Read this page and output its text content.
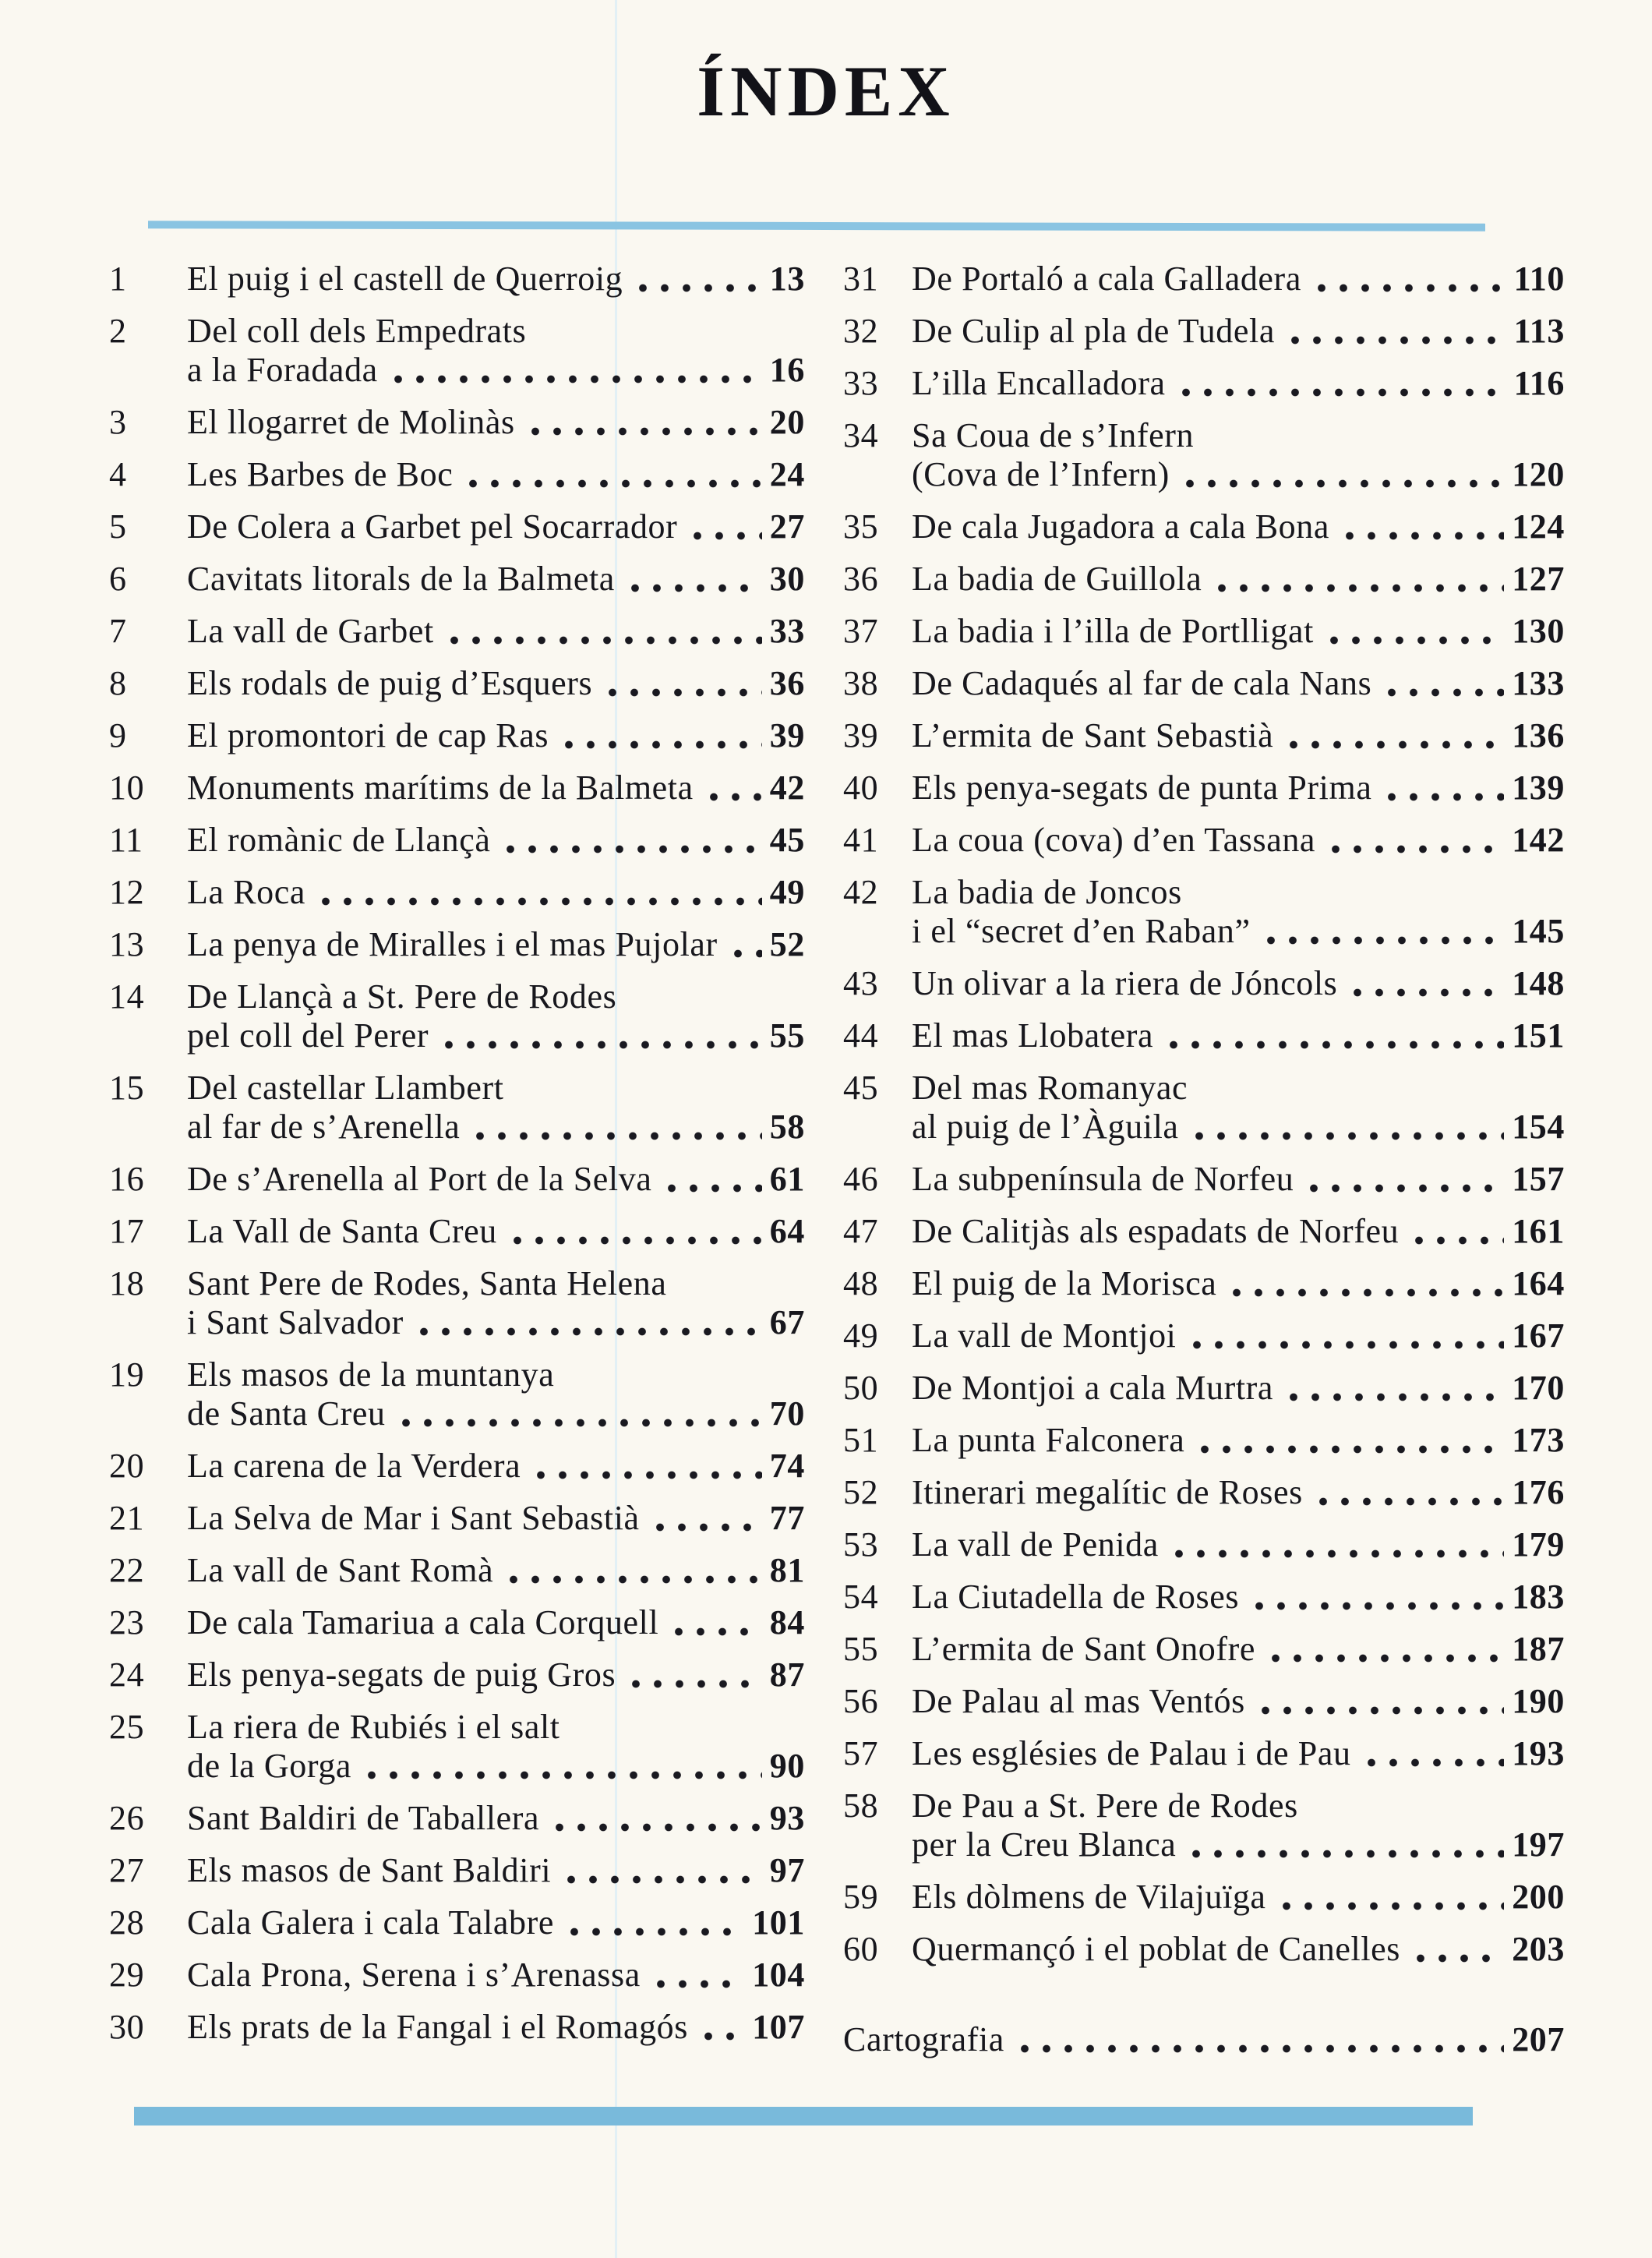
ÍNDEX
1	El puig i el castell de Querroig	13
2	Del coll dels Empedrats
a la Foradada	16
3	El llogarret de Molinàs	20
4	Les Barbes de Boc	24
5	De Colera a Garbet pel Socarrador	27
6	Cavitats litorals de la Balmeta	30
7	La vall de Garbet	33
8	Els rodals de puig d’Esquers	36
9	El promontori de cap Ras	39
10	Monuments marítims de la Balmeta 42
11	El romànic de Llançà	45
12	La Roca	49
13	La penya de Miralles i el mas Pujolar 52
14	De Llançà a St. Pere de Rodes
pel coll del Perer	55
15	Del castellar Llambert
al far de s’Arenella	58
16	De s’Arenella al Port de la Selva	61
17	La Vall de Santa Creu	64
18	Sant Pere de Rodes, Santa Helena
i Sant Salvador	67
19	Els masos de la muntanya
de Santa Creu	70
20	La carena de la Verdera	74
21	La Selva de Mar i Sant Sebastià	77
22	La vall de Sant Romà	81
23	De cala Tamariua a cala Corquell	84
24	Els penya-segats de puig Gros	87
25	La riera de Rubiés i el salt
de la Gorga	90
26	Sant Baldiri de Taballera	93
27	Els masos de Sant Baldiri	97
28	Cala Galera i cala Talabre	101
29	Cala Prona, Serena i s’Arenassa	104
30	Els prats de la Fangal i el Romagós 107
31 De Portaló a cala Galladera	110
32 De Culip al pla de Tudela	113
33 L’illa Encalladora	116
34 Sa Coua de s’Infern
(Cova de l’Infern)	120
35 De cala Jugadora a cala Bona	124
36 La badia de Guillola	127
37 La badia i l’illa de Portlligat	130
38 De Cadaqués al far de cala Nans	133
39 L’ermita de Sant Sebastià	136
40 Els penya-segats de punta Prima	139
41 La coua (cova) d’en Tassana	142
42 La badia de Joncos
i el “secret d’en Raban”	145
43 Un olivar a la riera de Jóncols	148
44 El mas Llobatera	151
45 Del mas Romanyac
al puig de l’Àguila	154
46 La subpenínsula de Norfeu	157
47 De Calitjàs als espadats de Norfeu	161
48 El puig de la Morisca	164
49 La vall de Montjoi	167
50 De Montjoi a cala Murtra	170
51 La punta Falconera	173
52 Itinerari megalític de Roses	176
53 La vall de Penida	179
54 La Ciutadella de Roses	183
55 L’ermita de Sant Onofre	187
56 De Palau al mas Ventós	190
57 Les esglésies de Palau i de Pau	193
58 De Pau a St. Pere de Rodes
per la Creu Blanca	197
59 Els dòlmens de Vilajuïga	200
60 Quermançó i el poblat de Canelles	203
Cartografia	207
